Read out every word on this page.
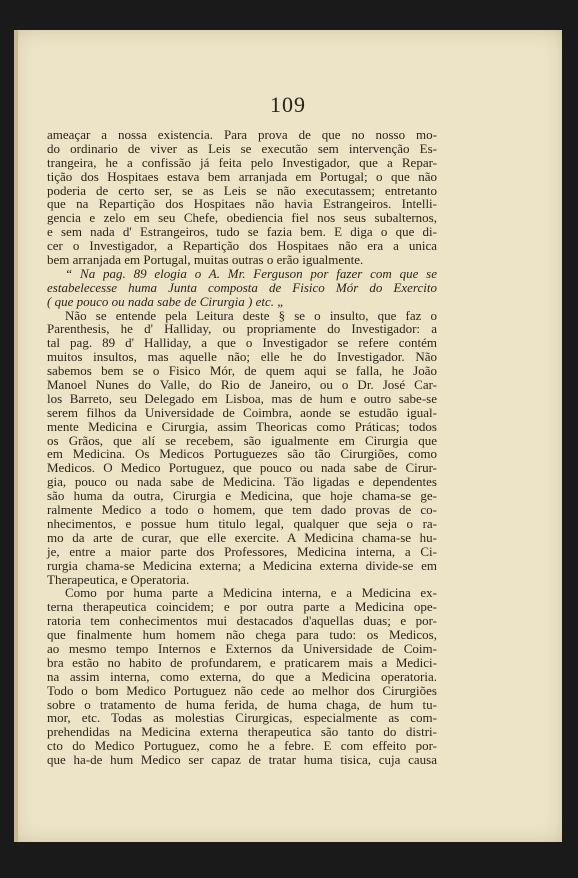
109
ameaçar a nossa existencia. Para prova de que no nosso mo-
do ordinario de viver as Leis se executão sem intervenção Es-
trangeira, he a confissão já feita pelo Investigador, que a Repar-
tição dos Hospitaes estava bem arranjada em Portugal; o que não
poderia de certo ser, se as Leis se não executassem; entretanto
que na Repartição dos Hospitaes não havia Estrangeiros. Intelli-
gencia e zelo em seu Chefe, obediencia fiel nos seus subalternos,
e sem nada d' Estrangeiros, tudo se fazia bem. E diga o que di-
cer o Investigador, a Repartição dos Hospitaes não era a unica
bem arranjada em Portugal, muitas outras o erão igualmente.
“ Na pag. 89 elogia o A. Mr. Ferguson por fazer com que se
estabelecesse huma Junta composta de Fisico Mór do Exercito
( que pouco ou nada sabe de Cirurgia ) etc. „
Não se entende pela Leitura deste § se o insulto, que faz o
Parenthesis, he d' Halliday, ou propriamente do Investigador: a
tal pag. 89 d' Halliday, a que o Investigador se refere contém
muitos insultos, mas aquelle não; elle he do Investigador. Não
sabemos bem se o Fisico Mór, de quem aqui se falla, he João
Manoel Nunes do Valle, do Rio de Janeiro, ou o Dr. José Car-
los Barreto, seu Delegado em Lisboa, mas de hum e outro sabe-se
serem filhos da Universidade de Coimbra, aonde se estudão igual-
mente Medicina e Cirurgia, assim Theoricas como Práticas; todos
os Grãos, que alí se recebem, são igualmente em Cirurgia que
em Medicina. Os Medicos Portuguezes são tão Cirurgiões, como
Medicos. O Medico Portuguez, que pouco ou nada sabe de Cirur-
gia, pouco ou nada sabe de Medicina. Tão ligadas e dependentes
são huma da outra, Cirurgia e Medicina, que hoje chama-se ge-
ralmente Medico a todo o homem, que tem dado provas de co-
nhecimentos, e possue hum titulo legal, qualquer que seja o ra-
mo da arte de curar, que elle exercite. A Medicina chama-se hu-
je, entre a maior parte dos Professores, Medicina interna, a Ci-
rurgia chama-se Medicina externa; a Medicina externa divide-se em
Therapeutica, e Operatoria.
Como por huma parte a Medicina interna, e a Medicina ex-
terna therapeutica coincidem; e por outra parte a Medicina ope-
ratoria tem conhecimentos mui destacados d'aquellas duas; e por-
que finalmente hum homem não chega para tudo: os Medicos,
ao mesmo tempo Internos e Externos da Universidade de Coim-
bra estão no habito de profundarem, e praticarem mais a Medici-
na assim interna, como externa, do que a Medicina operatoria.
Todo o bom Medico Portuguez não cede ao melhor dos Cirurgiões
sobre o tratamento de huma ferida, de huma chaga, de hum tu-
mor, etc. Todas as molestias Cirurgicas, especialmente as com-
prehendidas na Medicina externa therapeutica são tanto do distri-
cto do Medico Portuguez, como he a febre. E com effeito por-
que ha-de hum Medico ser capaz de tratar huma tisica, cuja causa
